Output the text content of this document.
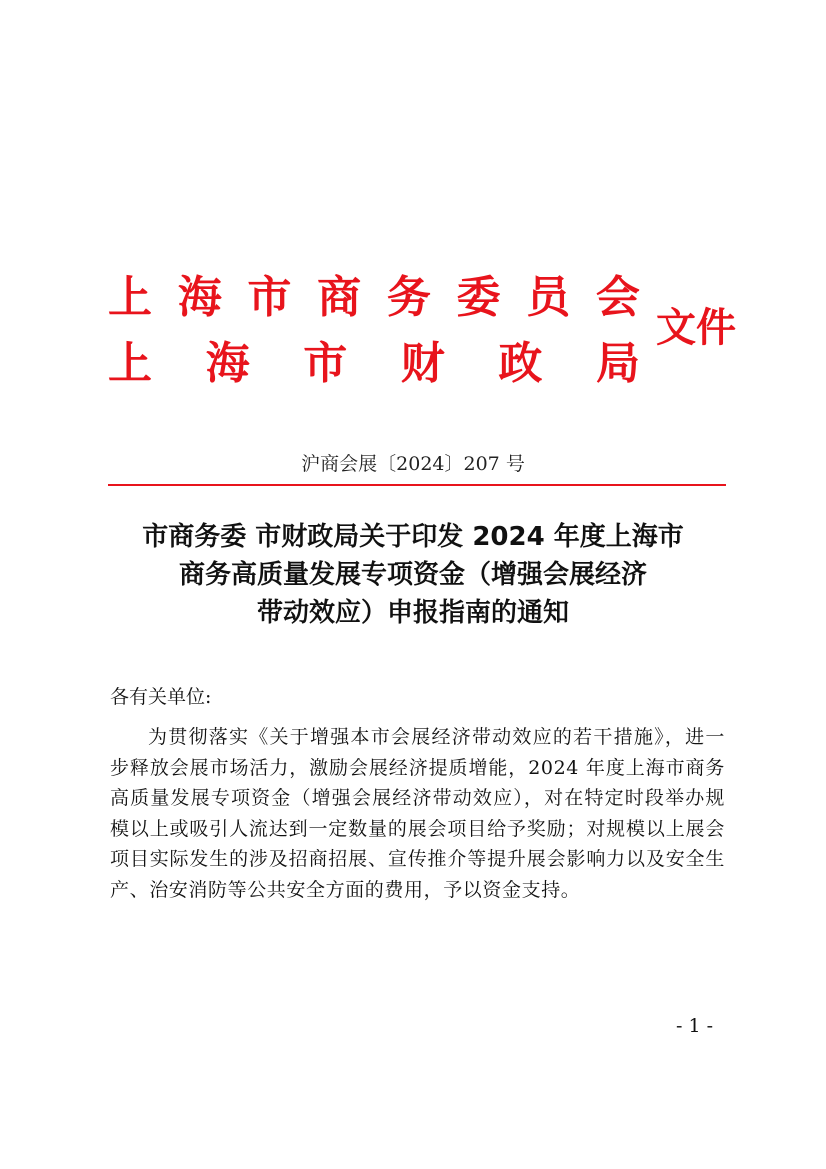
上 海 市 商 务 委 员 会
上 海 市 财 政 局
文件
沪商会展〔2024〕207 号
市商务委 市财政局关于印发 2024 年度上海市
商务高质量发展专项资金（增强会展经济
带动效应）申报指南的通知
各有关单位:
为贯彻落实《关于增强本市会展经济带动效应的若干措施》，进一步释放会展市场活力，激励会展经济提质增能，2024 年度上海市商务高质量发展专项资金（增强会展经济带动效应），对在特定时段举办规模以上或吸引人流达到一定数量的展会项目给予奖励；对规模以上展会项目实际发生的涉及招商招展、宣传推介等提升展会影响力以及安全生产、治安消防等公共安全方面的费用，予以资金支持。
- 1 -
